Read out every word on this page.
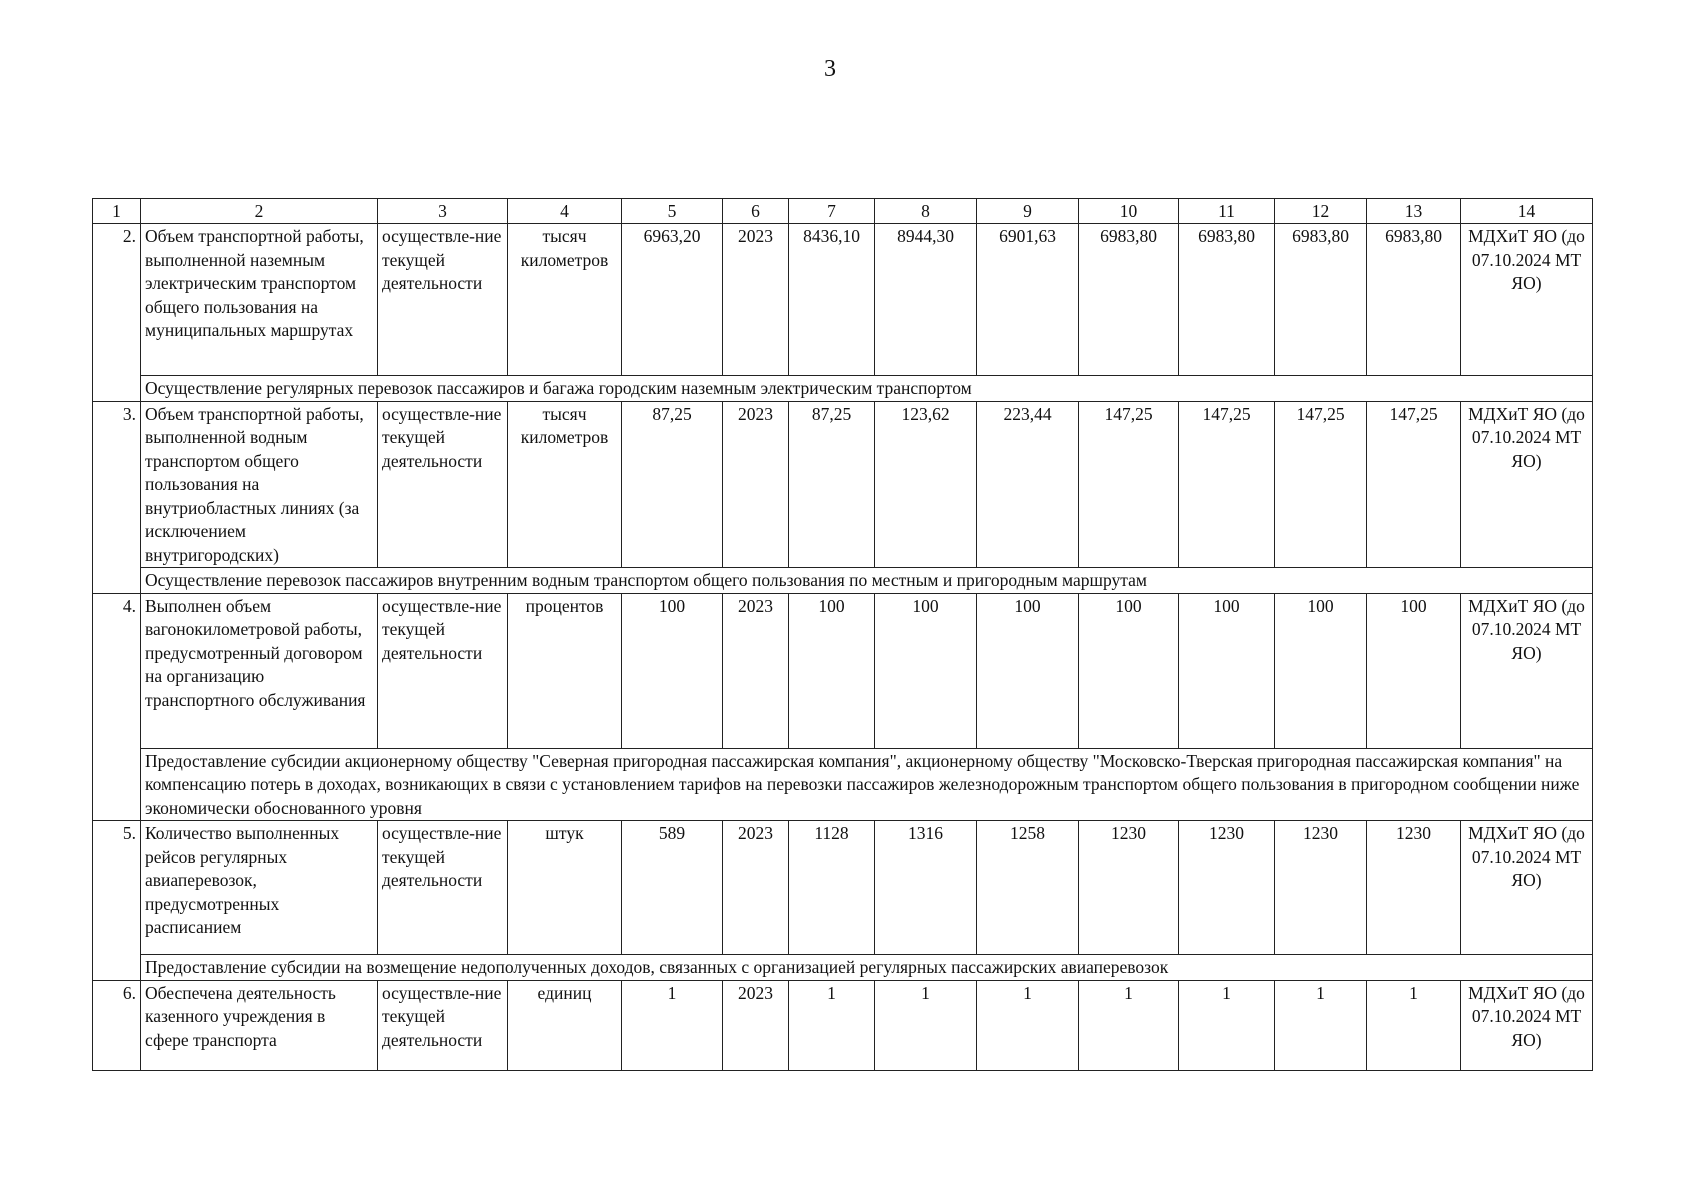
3
1	2	3	4	5	6	7	8	9	10	11	12	13	14
2.	Объем транспортной работы, выполненной наземным электрическим транспортом общего пользования на муниципальных маршрутах	осуществле-ние текущей деятельности	тысяч километров	6963,20	2023	8436,10	8944,30	6901,63	6983,80	6983,80	6983,80	6983,80	МДХиТ ЯО (до 07.10.2024 МТ ЯО)
	Осуществление регулярных перевозок пассажиров и багажа городским наземным электрическим транспортом												
3.	Объем транспортной работы, выполненной водным транспортом общего пользования на внутриобластных линиях (за исключением внутригородских)	осуществле-ние текущей деятельности	тысяч километров	87,25	2023	87,25	123,62	223,44	147,25	147,25	147,25	147,25	МДХиТ ЯО (до 07.10.2024 МТ ЯО)
	Осуществление перевозок пассажиров внутренним водным транспортом общего пользования по местным и пригородным маршрутам												
4.	Выполнен объем вагонокилометровой работы, предусмотренный договором на организацию транспортного обслуживания	осуществле-ние текущей деятельности	процентов	100	2023	100	100	100	100	100	100	100	МДХиТ ЯО (до 07.10.2024 МТ ЯО)
	Предоставление субсидии акционерному обществу "Северная пригородная пассажирская компания", акционерному обществу "Московско-Тверская пригородная пассажирская компания" на компенсацию потерь в доходах, возникающих в связи с установлением тарифов на перевозки пассажиров железнодорожным транспортом общего пользования в пригородном сообщении ниже экономически обоснованного уровня												
5.	Количество выполненных рейсов регулярных авиаперевозок, предусмотренных расписанием	осуществле-ние текущей деятельности	штук	589	2023	1128	1316	1258	1230	1230	1230	1230	МДХиТ ЯО (до 07.10.2024 МТ ЯО)
	Предоставление субсидии на возмещение недополученных доходов, связанных с организацией регулярных пассажирских авиаперевозок												
6.	Обеспечена деятельность казенного учреждения в сфере транспорта	осуществле-ние текущей деятельности	единиц	1	2023	1	1	1	1	1	1	1	МДХиТ ЯО (до 07.10.2024 МТ ЯО)
